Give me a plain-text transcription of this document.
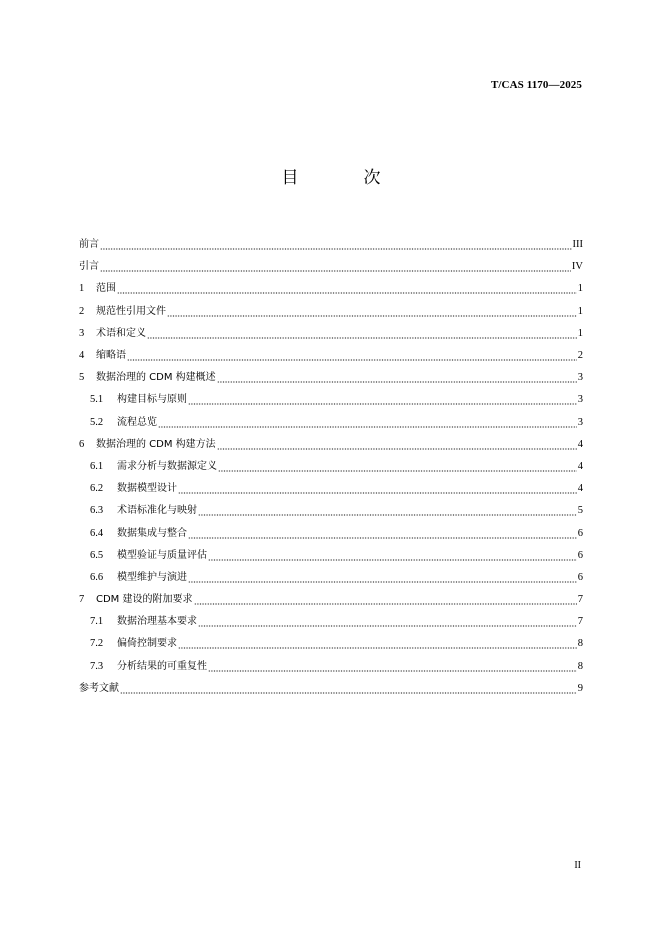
T/CAS 1170—2025
目　次
前言	III
引言	IV
1	范围	1
2	规范性引用文件	1
3	术语和定义	1
4	缩略语	2
5	数据治理的 CDM 构建概述	3
5.1	构建目标与原则	3
5.2	流程总览	3
6	数据治理的 CDM 构建方法	4
6.1	需求分析与数据源定义	4
6.2	数据模型设计	4
6.3	术语标准化与映射	5
6.4	数据集成与整合	6
6.5	模型验证与质量评估	6
6.6	模型维护与演进	6
7	CDM 建设的附加要求	7
7.1	数据治理基本要求	7
7.2	偏倚控制要求	8
7.3	分析结果的可重复性	8
参考文献	9
II
